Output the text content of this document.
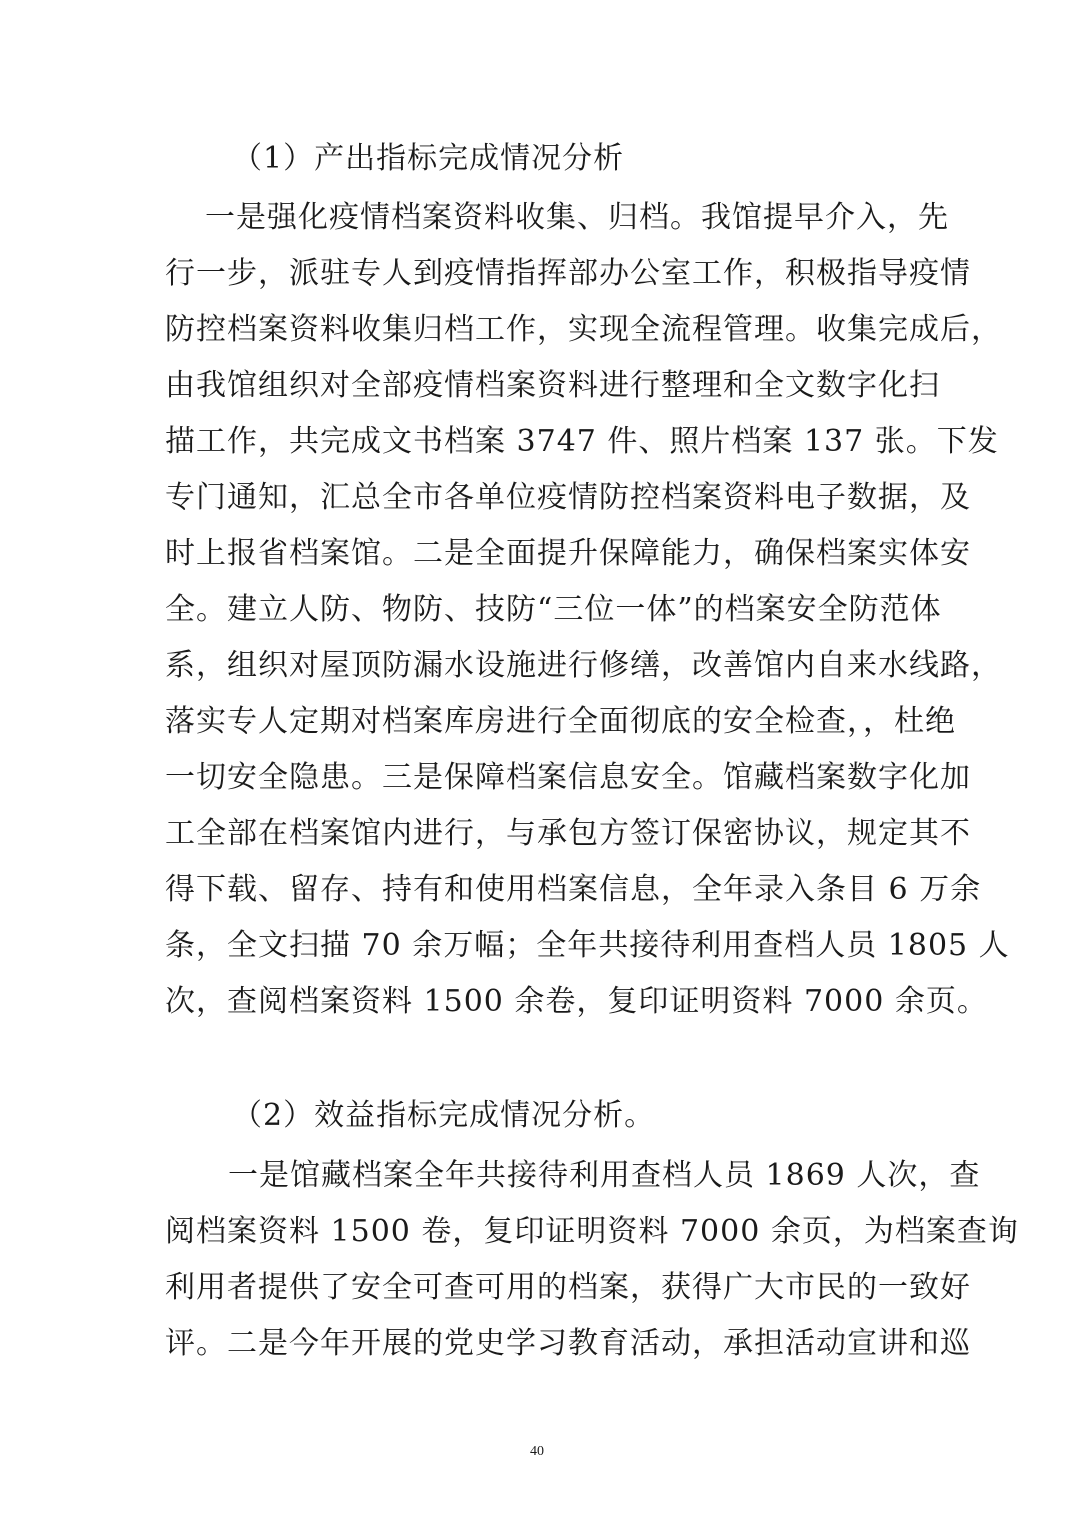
（1）产出指标完成情况分析
一是强化疫情档案资料收集、归档。我馆提早介入，先
行一步，派驻专人到疫情指挥部办公室工作，积极指导疫情
防控档案资料收集归档工作，实现全流程管理。收集完成后，
由我馆组织对全部疫情档案资料进行整理和全文数字化扫
描工作，共完成文书档案 3747 件、照片档案 137 张。下发
专门通知，汇总全市各单位疫情防控档案资料电子数据，及
时上报省档案馆。二是全面提升保障能力，确保档案实体安
全。建立人防、物防、技防“三位一体”的档案安全防范体
系，组织对屋顶防漏水设施进行修缮，改善馆内自来水线路，
落实专人定期对档案库房进行全面彻底的安全检查，，杜绝
一切安全隐患。三是保障档案信息安全。馆藏档案数字化加
工全部在档案馆内进行，与承包方签订保密协议，规定其不
得下载、留存、持有和使用档案信息，全年录入条目 6 万余
条，全文扫描 70 余万幅；全年共接待利用查档人员 1805 人
次，查阅档案资料 1500 余卷，复印证明资料 7000 余页。
（2）效益指标完成情况分析。
一是馆藏档案全年共接待利用查档人员 1869 人次，查
阅档案资料 1500 卷，复印证明资料 7000 余页，为档案查询
利用者提供了安全可查可用的档案，获得广大市民的一致好
评。二是今年开展的党史学习教育活动，承担活动宣讲和巡
40
